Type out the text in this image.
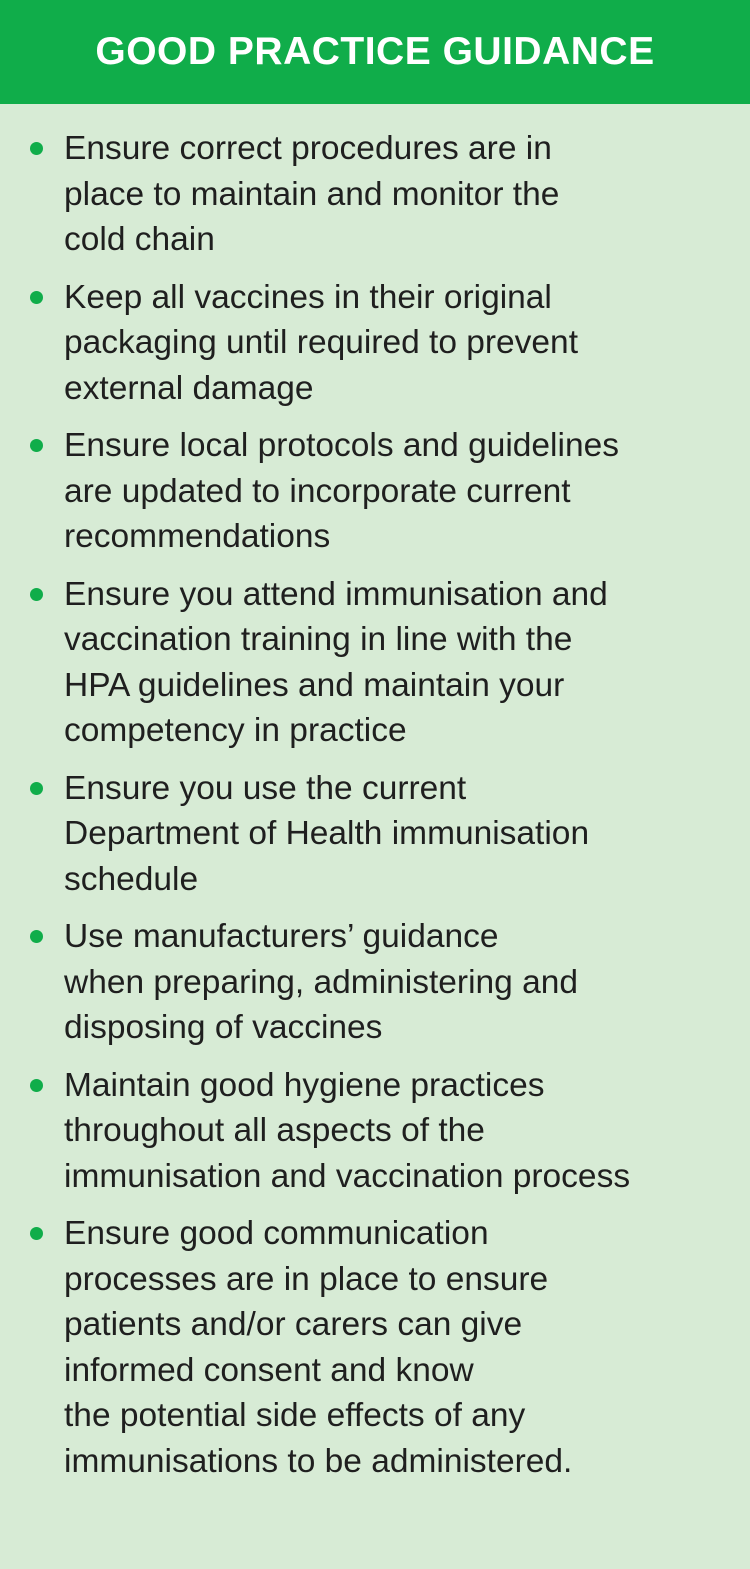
GOOD PRACTICE GUIDANCE
Ensure correct procedures are in
place to maintain and monitor the
cold chain
Keep all vaccines in their original
packaging until required to prevent
external damage
Ensure local protocols and guidelines
are updated to incorporate current
recommendations
Ensure you attend immunisation and
vaccination training in line with the
HPA guidelines and maintain your
competency in practice
Ensure you use the current
Department of Health immunisation
schedule
Use manufacturers’ guidance
when preparing, administering and
disposing of vaccines
Maintain good hygiene practices
throughout all aspects of the
immunisation and vaccination process
Ensure good communication
processes are in place to ensure
patients and/or carers can give
informed consent and know
the potential side effects of any
immunisations to be administered.
